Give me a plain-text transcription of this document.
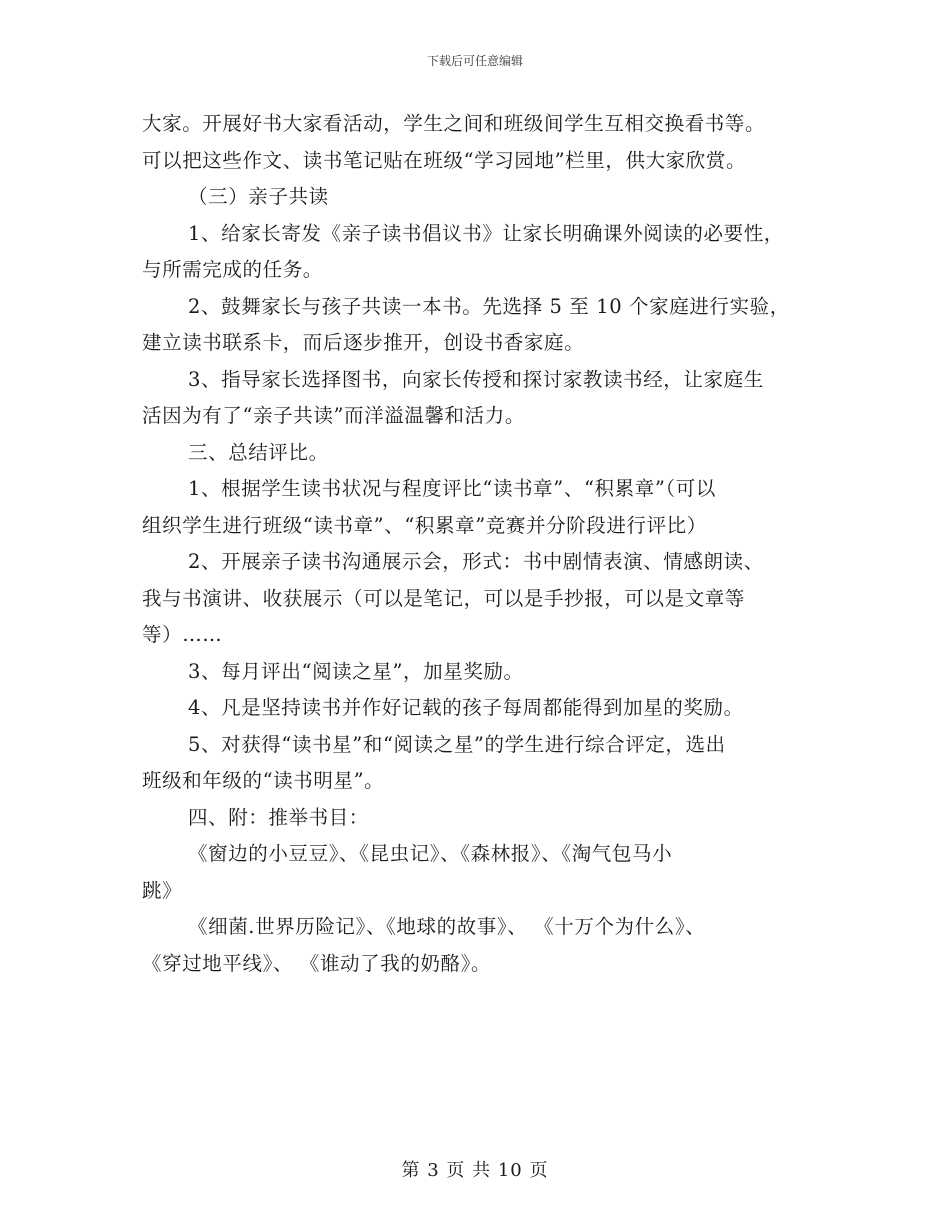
下载后可任意编辑
大家。开展好书大家看活动，学生之间和班级间学生互相交换看书等。
可以把这些作文、读书笔记贴在班级“学习园地”栏里，供大家欣赏。
（三）亲子共读
1、给家长寄发《亲子读书倡议书》让家长明确课外阅读的必要性，
与所需完成的任务。
2、鼓舞家长与孩子共读一本书。先选择 5 至 10 个家庭进行实验，
建立读书联系卡，而后逐步推开，创设书香家庭。
3、指导家长选择图书，向家长传授和探讨家教读书经，让家庭生
活因为有了“亲子共读”而洋溢温馨和活力。
三、总结评比。
1、根据学生读书状况与程度评比“读书章”、“积累章”（可以
组织学生进行班级“读书章”、“积累章”竞赛并分阶段进行评比）
2、开展亲子读书沟通展示会，形式：书中剧情表演、情感朗读、
我与书演讲、收获展示（可以是笔记，可以是手抄报，可以是文章等
等）……
3、每月评出“阅读之星”，加星奖励。
4、凡是坚持读书并作好记载的孩子每周都能得到加星的奖励。
5、对获得“读书星”和“阅读之星”的学生进行综合评定，选出
班级和年级的“读书明星”。
四、附：推举书目：
《窗边的小豆豆》、《昆虫记》、《森林报》、《淘气包马小
跳》
《细菌.世界历险记》、《地球的故事》、 《十万个为什么》、
《穿过地平线》、 《谁动了我的奶酪》。
第 3 页 共 10 页
